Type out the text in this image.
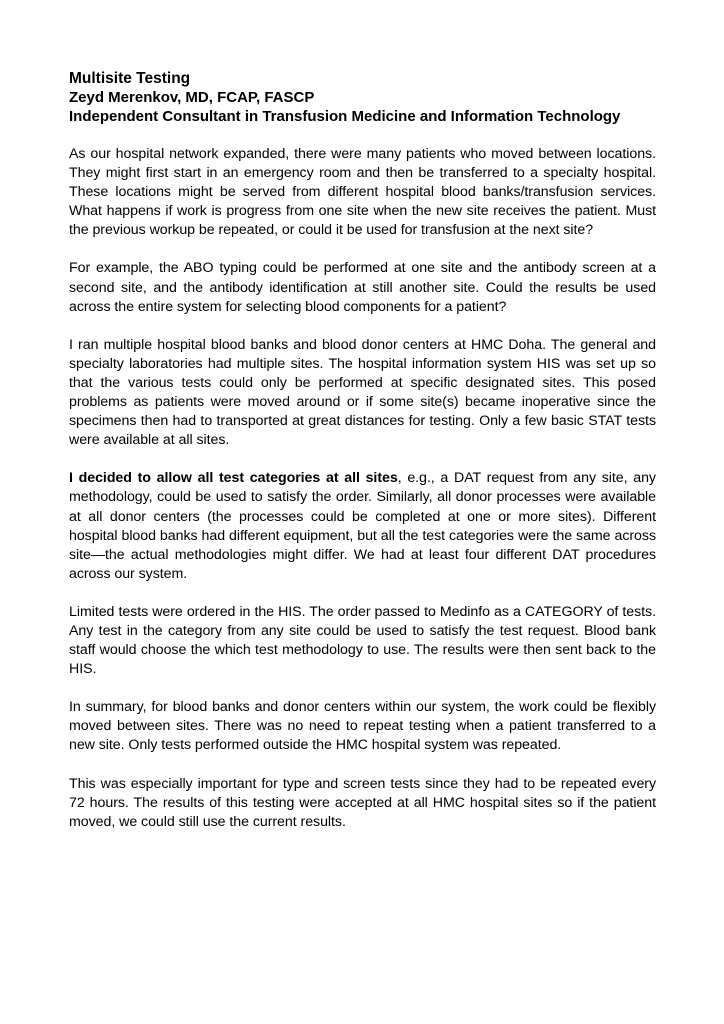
Multisite Testing
Zeyd Merenkov, MD, FCAP, FASCP
Independent Consultant in Transfusion Medicine and Information Technology

As our hospital network expanded, there were many patients who moved between locations. They might first start in an emergency room and then be transferred to a specialty hospital. These locations might be served from different hospital blood banks/transfusion services. What happens if work is progress from one site when the new site receives the patient. Must the previous workup be repeated, or could it be used for transfusion at the next site?

For example, the ABO typing could be performed at one site and the antibody screen at a second site, and the antibody identification at still another site. Could the results be used across the entire system for selecting blood components for a patient?

I ran multiple hospital blood banks and blood donor centers at HMC Doha. The general and specialty laboratories had multiple sites. The hospital information system HIS was set up so that the various tests could only be performed at specific designated sites. This posed problems as patients were moved around or if some site(s) became inoperative since the specimens then had to transported at great distances for testing. Only a few basic STAT tests were available at all sites.

I decided to allow all test categories at all sites, e.g., a DAT request from any site, any methodology, could be used to satisfy the order. Similarly, all donor processes were available at all donor centers (the processes could be completed at one or more sites). Different hospital blood banks had different equipment, but all the test categories were the same across site—the actual methodologies might differ. We had at least four different DAT procedures across our system.

Limited tests were ordered in the HIS. The order passed to Medinfo as a CATEGORY of tests. Any test in the category from any site could be used to satisfy the test request. Blood bank staff would choose the which test methodology to use. The results were then sent back to the HIS.

In summary, for blood banks and donor centers within our system, the work could be flexibly moved between sites. There was no need to repeat testing when a patient transferred to a new site. Only tests performed outside the HMC hospital system was repeated.

This was especially important for type and screen tests since they had to be repeated every 72 hours. The results of this testing were accepted at all HMC hospital sites so if the patient moved, we could still use the current results.
